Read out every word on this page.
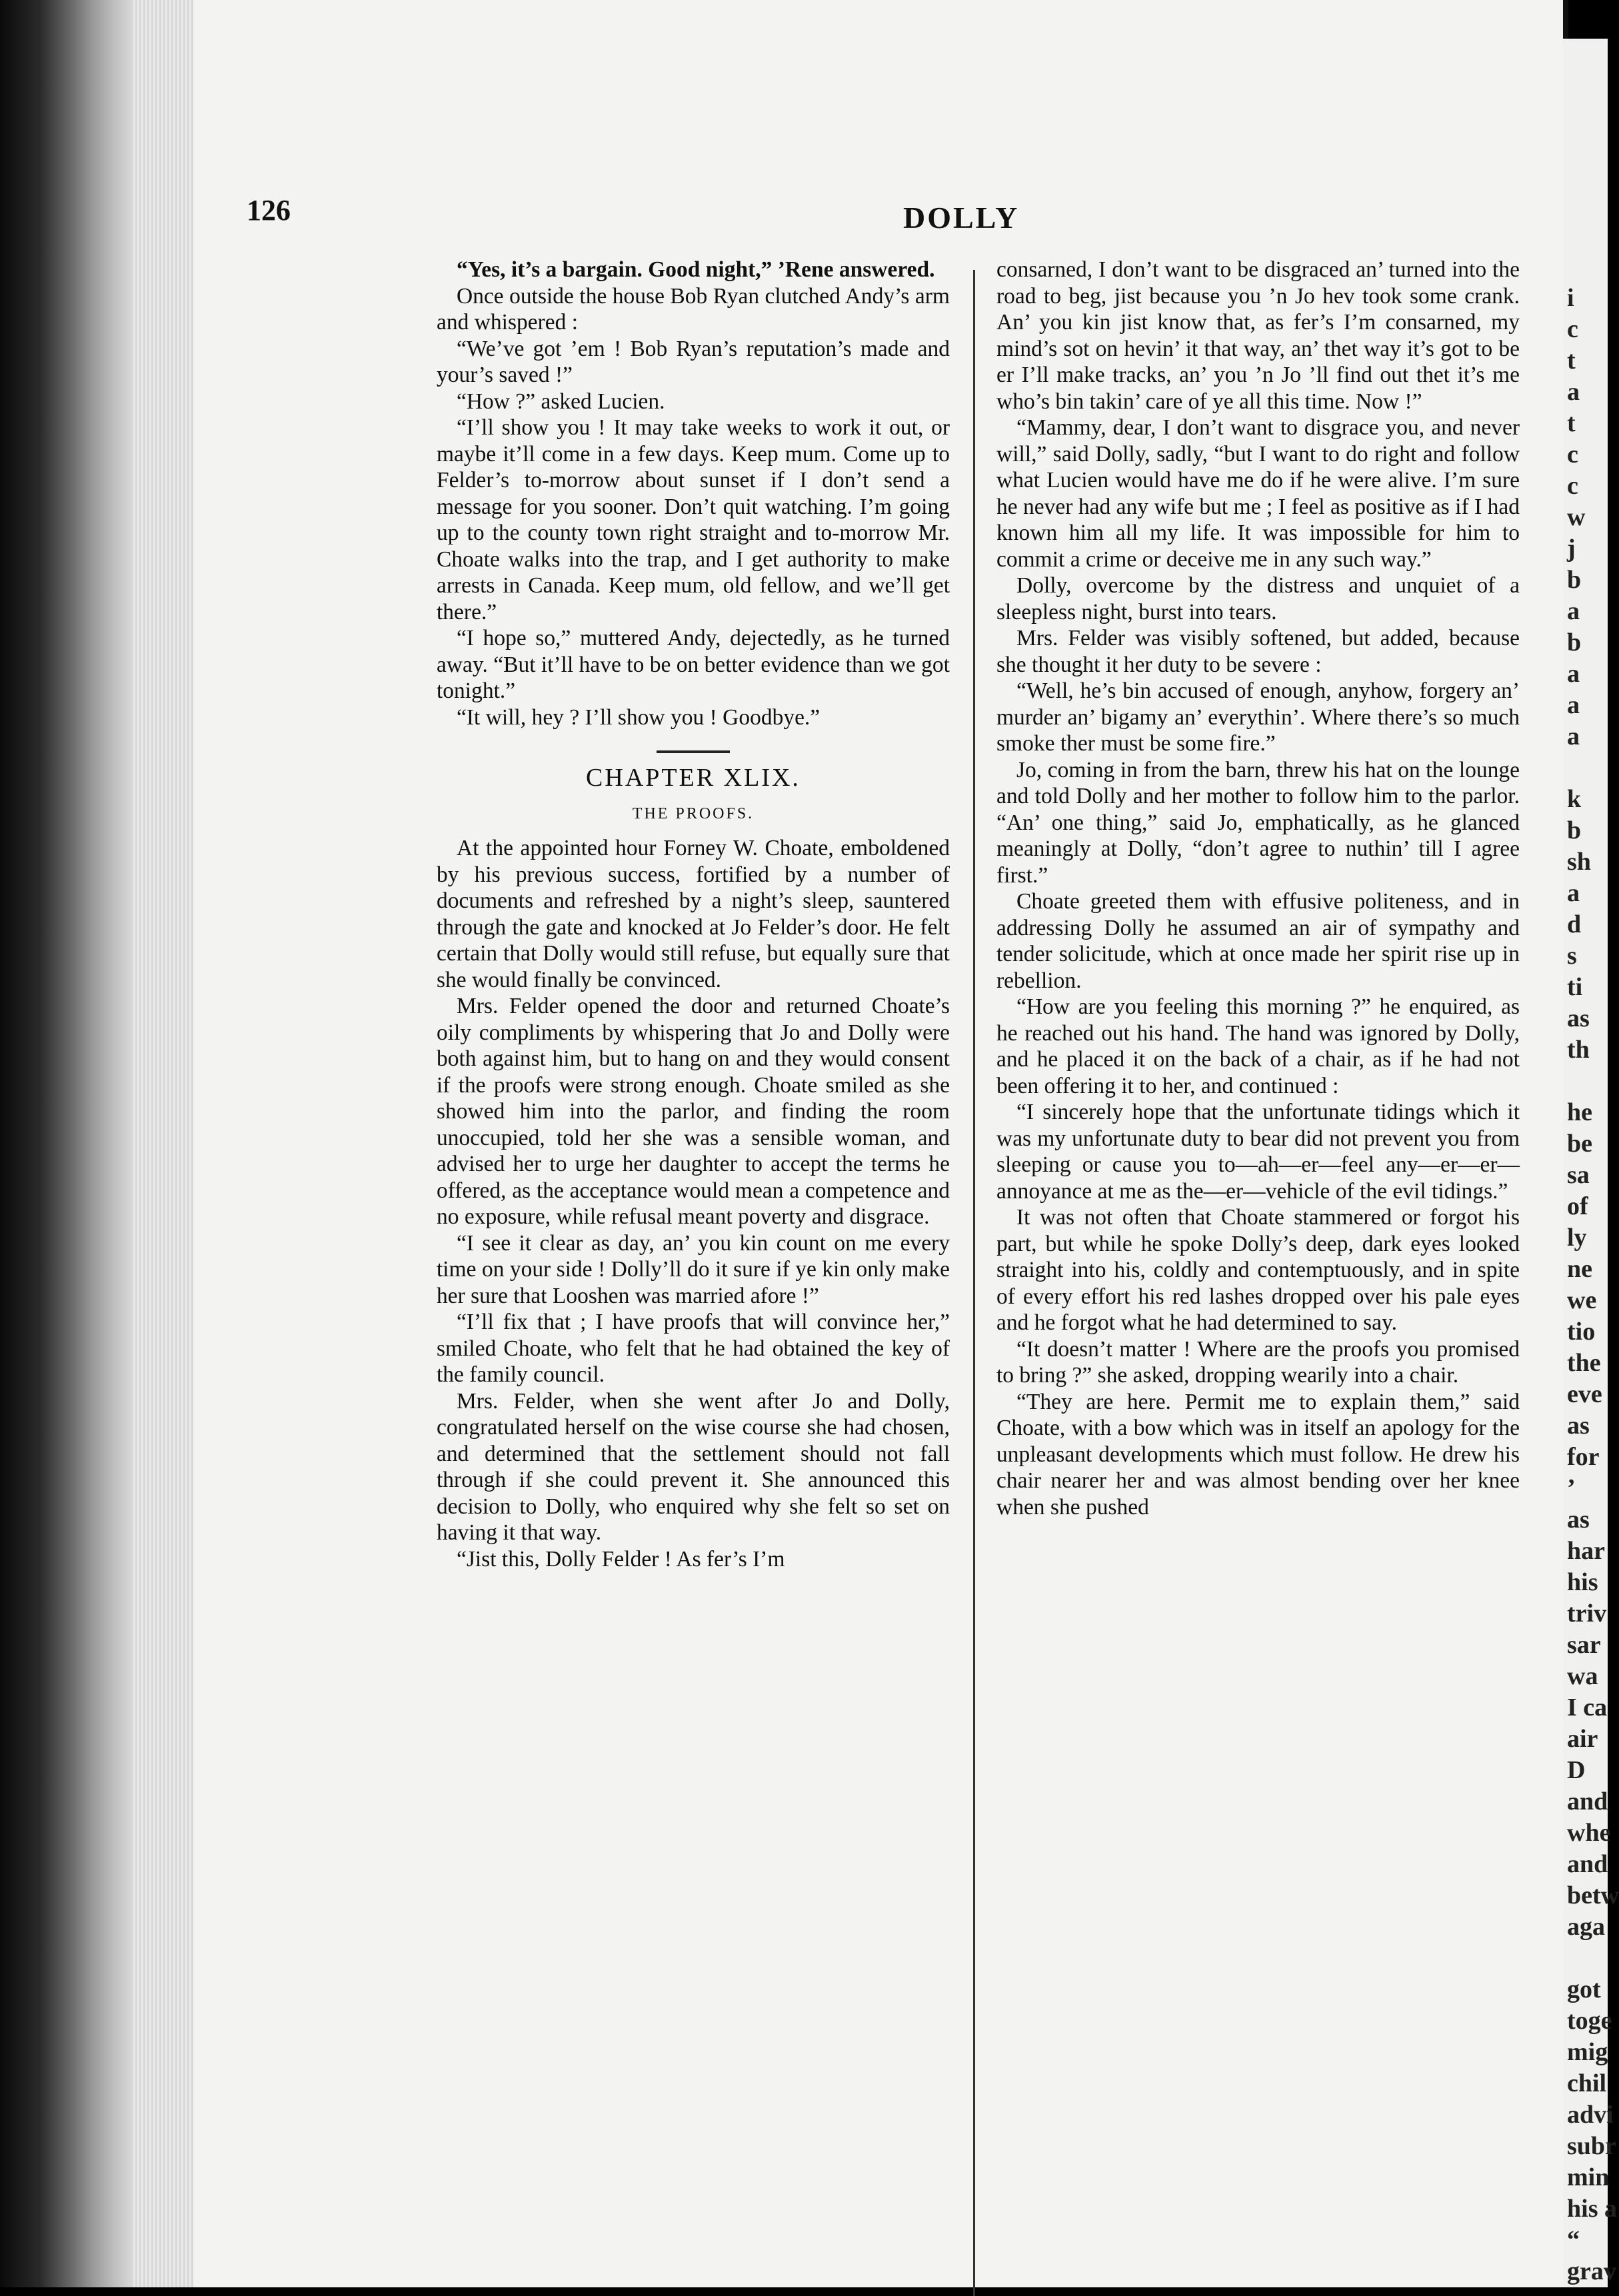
126	DOLLY

“Yes, it’s a bargain. Good night,” ’Rene answered.

Once outside the house Bob Ryan clutched Andy’s arm and whispered :

“We’ve got ’em ! Bob Ryan’s reputation’s made and your’s saved !”

“How ?” asked Lucien.

“I’ll show you ! It may take weeks to work it out, or maybe it’ll come in a few days. Keep mum. Come up to Felder’s to-morrow about sunset if I don’t send a message for you sooner. Don’t quit watching. I’m going up to the county town right straight and to-morrow Mr. Choate walks into the trap, and I get authority to make arrests in Canada. Keep mum, old fellow, and we’ll get there.”

“I hope so,” muttered Andy, dejectedly, as he turned away. “But it’ll have to be on better evidence than we got tonight.”

“It will, hey ? I’ll show you ! Goodbye.”

CHAPTER XLIX.
THE PROOFS.

At the appointed hour Forney W. Choate, emboldened by his previous success, fortified by a number of documents and refreshed by a night’s sleep, sauntered through the gate and knocked at Jo Felder’s door. He felt certain that Dolly would still refuse, but equally sure that she would finally be convinced.

Mrs. Felder opened the door and returned Choate’s oily compliments by whispering that Jo and Dolly were both against him, but to hang on and they would consent if the proofs were strong enough. Choate smiled as she showed him into the parlor, and finding the room unoccupied, told her she was a sensible woman, and advised her to urge her daughter to accept the terms he offered, as the acceptance would mean a competence and no exposure, while refusal meant poverty and disgrace.

“I see it clear as day, an’ you kin count on me every time on your side ! Dolly’ll do it sure if ye kin only make her sure that Looshen was married afore !”

“I’ll fix that ; I have proofs that will convince her,” smiled Choate, who felt that he had obtained the key of the family council.

Mrs. Felder, when she went after Jo and Dolly, congratulated herself on the wise course she had chosen, and determined that the settlement should not fall through if she could prevent it. She announced this decision to Dolly, who enquired why she felt so set on having it that way.

“Jist this, Dolly Felder ! As fer’s I’m

consarned, I don’t want to be disgraced an’ turned into the road to beg, jist because you ’n Jo hev took some crank. An’ you kin jist know that, as fer’s I’m consarned, my mind’s sot on hevin’ it that way, an’ thet way it’s got to be er I’ll make tracks, an’ you ’n Jo ’ll find out thet it’s me who’s bin takin’ care of ye all this time. Now !”

“Mammy, dear, I don’t want to disgrace you, and never will,” said Dolly, sadly, “but I want to do right and follow what Lucien would have me do if he were alive. I’m sure he never had any wife but me ; I feel as positive as if I had known him all my life. It was impossible for him to commit a crime or deceive me in any such way.”

Dolly, overcome by the distress and unquiet of a sleepless night, burst into tears.

Mrs. Felder was visibly softened, but added, because she thought it her duty to be severe :

“Well, he’s bin accused of enough, anyhow, forgery an’ murder an’ bigamy an’ everythin’. Where there’s so much smoke ther must be some fire.”

Jo, coming in from the barn, threw his hat on the lounge and told Dolly and her mother to follow him to the parlor. “An’ one thing,” said Jo, emphatically, as he glanced meaningly at Dolly, “don’t agree to nuthin’ till I agree first.”

Choate greeted them with effusive politeness, and in addressing Dolly he assumed an air of sympathy and tender solicitude, which at once made her spirit rise up in rebellion.

“How are you feeling this morning ?” he enquired, as he reached out his hand. The hand was ignored by Dolly, and he placed it on the back of a chair, as if he had not been offering it to her, and continued :

“I sincerely hope that the unfortunate tidings which it was my unfortunate duty to bear did not prevent you from sleeping or cause you to—ah—er—feel any—er—er—annoyance at me as the—er—vehicle of the evil tidings.”

It was not often that Choate stammered or forgot his part, but while he spoke Dolly’s deep, dark eyes looked straight into his, coldly and contemptuously, and in spite of every effort his red lashes dropped over his pale eyes and he forgot what he had determined to say.

“It doesn’t matter ! Where are the proofs you promised to bring ?” she asked, dropping wearily into a chair.

“They are here. Permit me to explain them,” said Choate, with a bow which was in itself an apology for the unpleasant developments which must follow. He drew his chair nearer her and was almost bending over her knee when she pushed

i
c
t
a
t
c
c
w
j
b
a
b
a
a
a
k
b
sh
a
d
s
ti
as
th
he
be
sa
of
ly
ne
we
tio
the
eve
as
for
’
as
har
his
triv
sar
wa
I ca
air
D
and
whe
and
betw
aga
got
toge
mig
chil
advi
subr
min
his a
“
grav
